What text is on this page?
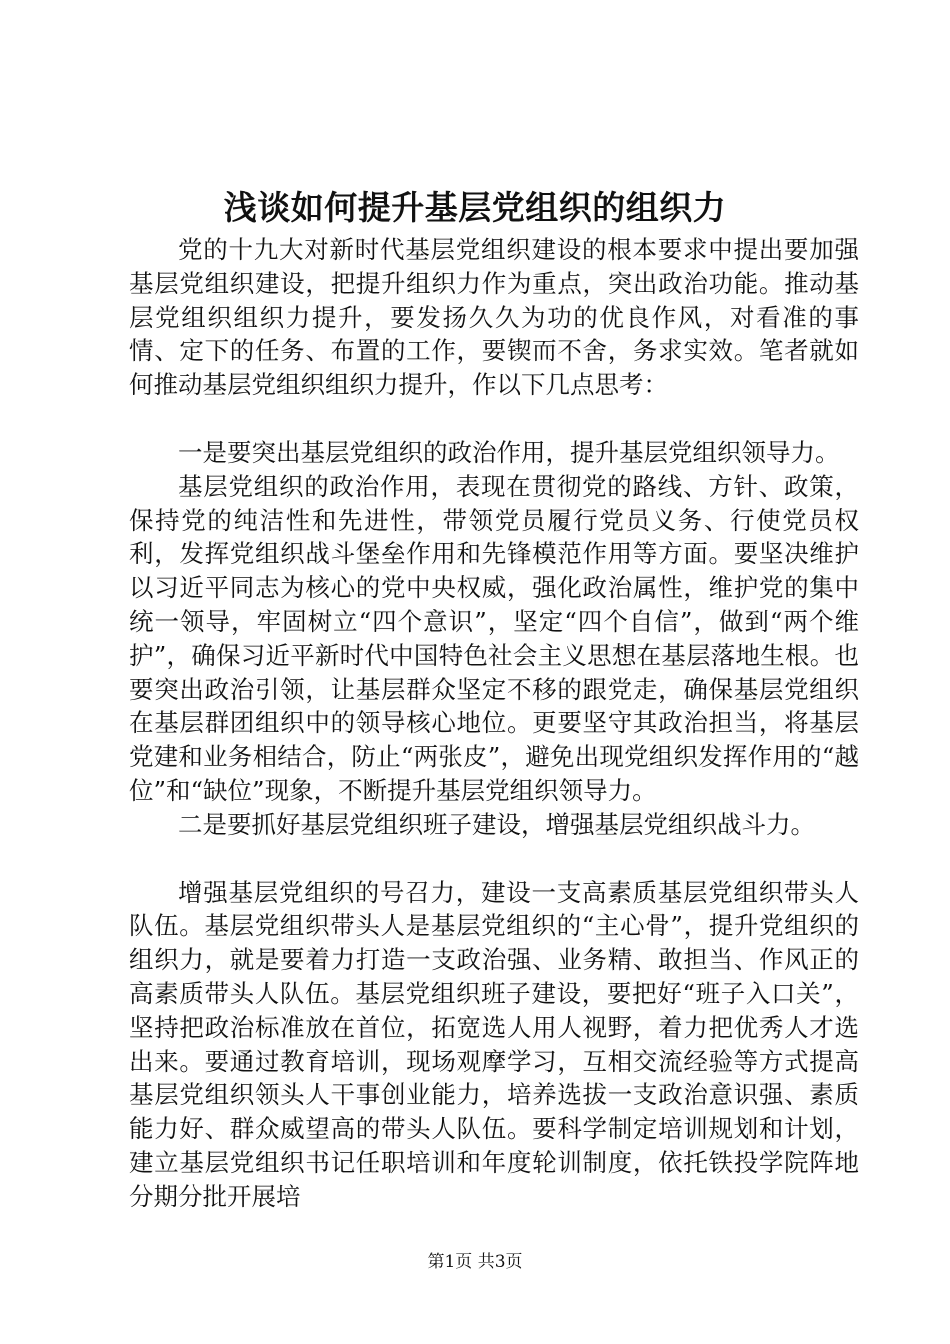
浅谈如何提升基层党组织的组织力

党的十九大对新时代基层党组织建设的根本要求中提出要加强基层党组织建设，把提升组织力作为重点，突出政治功能。推动基层党组织组织力提升，要发扬久久为功的优良作风，对看准的事情、定下的任务、布置的工作，要锲而不舍，务求实效。笔者就如何推动基层党组织组织力提升，作以下几点思考：

一是要突出基层党组织的政治作用，提升基层党组织领导力。

基层党组织的政治作用，表现在贯彻党的路线、方针、政策，保持党的纯洁性和先进性，带领党员履行党员义务、行使党员权利，发挥党组织战斗堡垒作用和先锋模范作用等方面。要坚决维护以习近平同志为核心的党中央权威，强化政治属性，维护党的集中统一领导，牢固树立“四个意识”，坚定“四个自信”，做到“两个维护”，确保习近平新时代中国特色社会主义思想在基层落地生根。也要突出政治引领，让基层群众坚定不移的跟党走，确保基层党组织在基层群团组织中的领导核心地位。更要坚守其政治担当，将基层党建和业务相结合，防止“两张皮”，避免出现党组织发挥作用的“越位”和“缺位”现象，不断提升基层党组织领导力。

二是要抓好基层党组织班子建设，增强基层党组织战斗力。

增强基层党组织的号召力，建设一支高素质基层党组织带头人队伍。基层党组织带头人是基层党组织的“主心骨”，提升党组织的组织力，就是要着力打造一支政治强、业务精、敢担当、作风正的高素质带头人队伍。基层党组织班子建设，要把好“班子入口关”，坚持把政治标准放在首位，拓宽选人用人视野，着力把优秀人才选出来。要通过教育培训，现场观摩学习，互相交流经验等方式提高基层党组织领头人干事创业能力，培养选拔一支政治意识强、素质能力好、群众威望高的带头人队伍。要科学制定培训规划和计划，建立基层党组织书记任职培训和年度轮训制度，依托铁投学院阵地分期分批开展培

第1页 共3页
